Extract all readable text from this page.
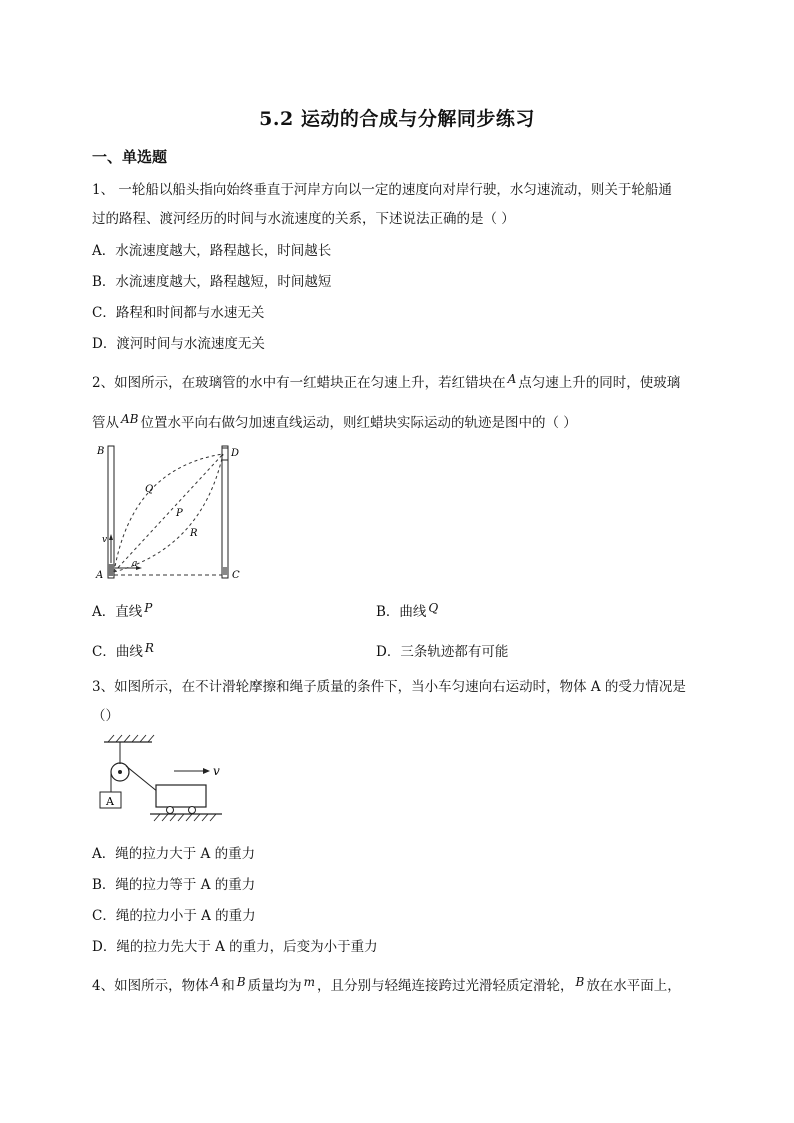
5.2 运动的合成与分解同步练习
一、单选题
1、 一轮船以船头指向始终垂直于河岸方向以一定的速度向对岸行驶，水匀速流动，则关于轮船通
过的路程、渡河经历的时间与水流速度的关系，下述说法正确的是（ ）
A．水流速度越大，路程越长，时间越长
B．水流速度越大，路程越短，时间越短
C．路程和时间都与水速无关
D．渡河时间与水流速度无关
2、如图所示，在玻璃管的水中有一红蜡块正在匀速上升，若红错块在 A 点匀速上升的同时，使玻璃
管从 AB 位置水平向右做匀加速直线运动，则红蜡块实际运动的轨迹是图中的（ ）
B	D
Q
P
R
v
A
a
C
A．直线 P	B．曲线 Q
C．曲线 R	D．三条轨迹都有可能
3、如图所示，在不计滑轮摩擦和绳子质量的条件下，当小车匀速向右运动时，物体 A 的受力情况是
（）
A
v
A．绳的拉力大于 A 的重力
B．绳的拉力等于 A 的重力
C．绳的拉力小于 A 的重力
D．绳的拉力先大于 A 的重力，后变为小于重力
4、如图所示，物体 A 和 B 质量均为 m ，且分别与轻绳连接跨过光滑轻质定滑轮， B 放在水平面上，
